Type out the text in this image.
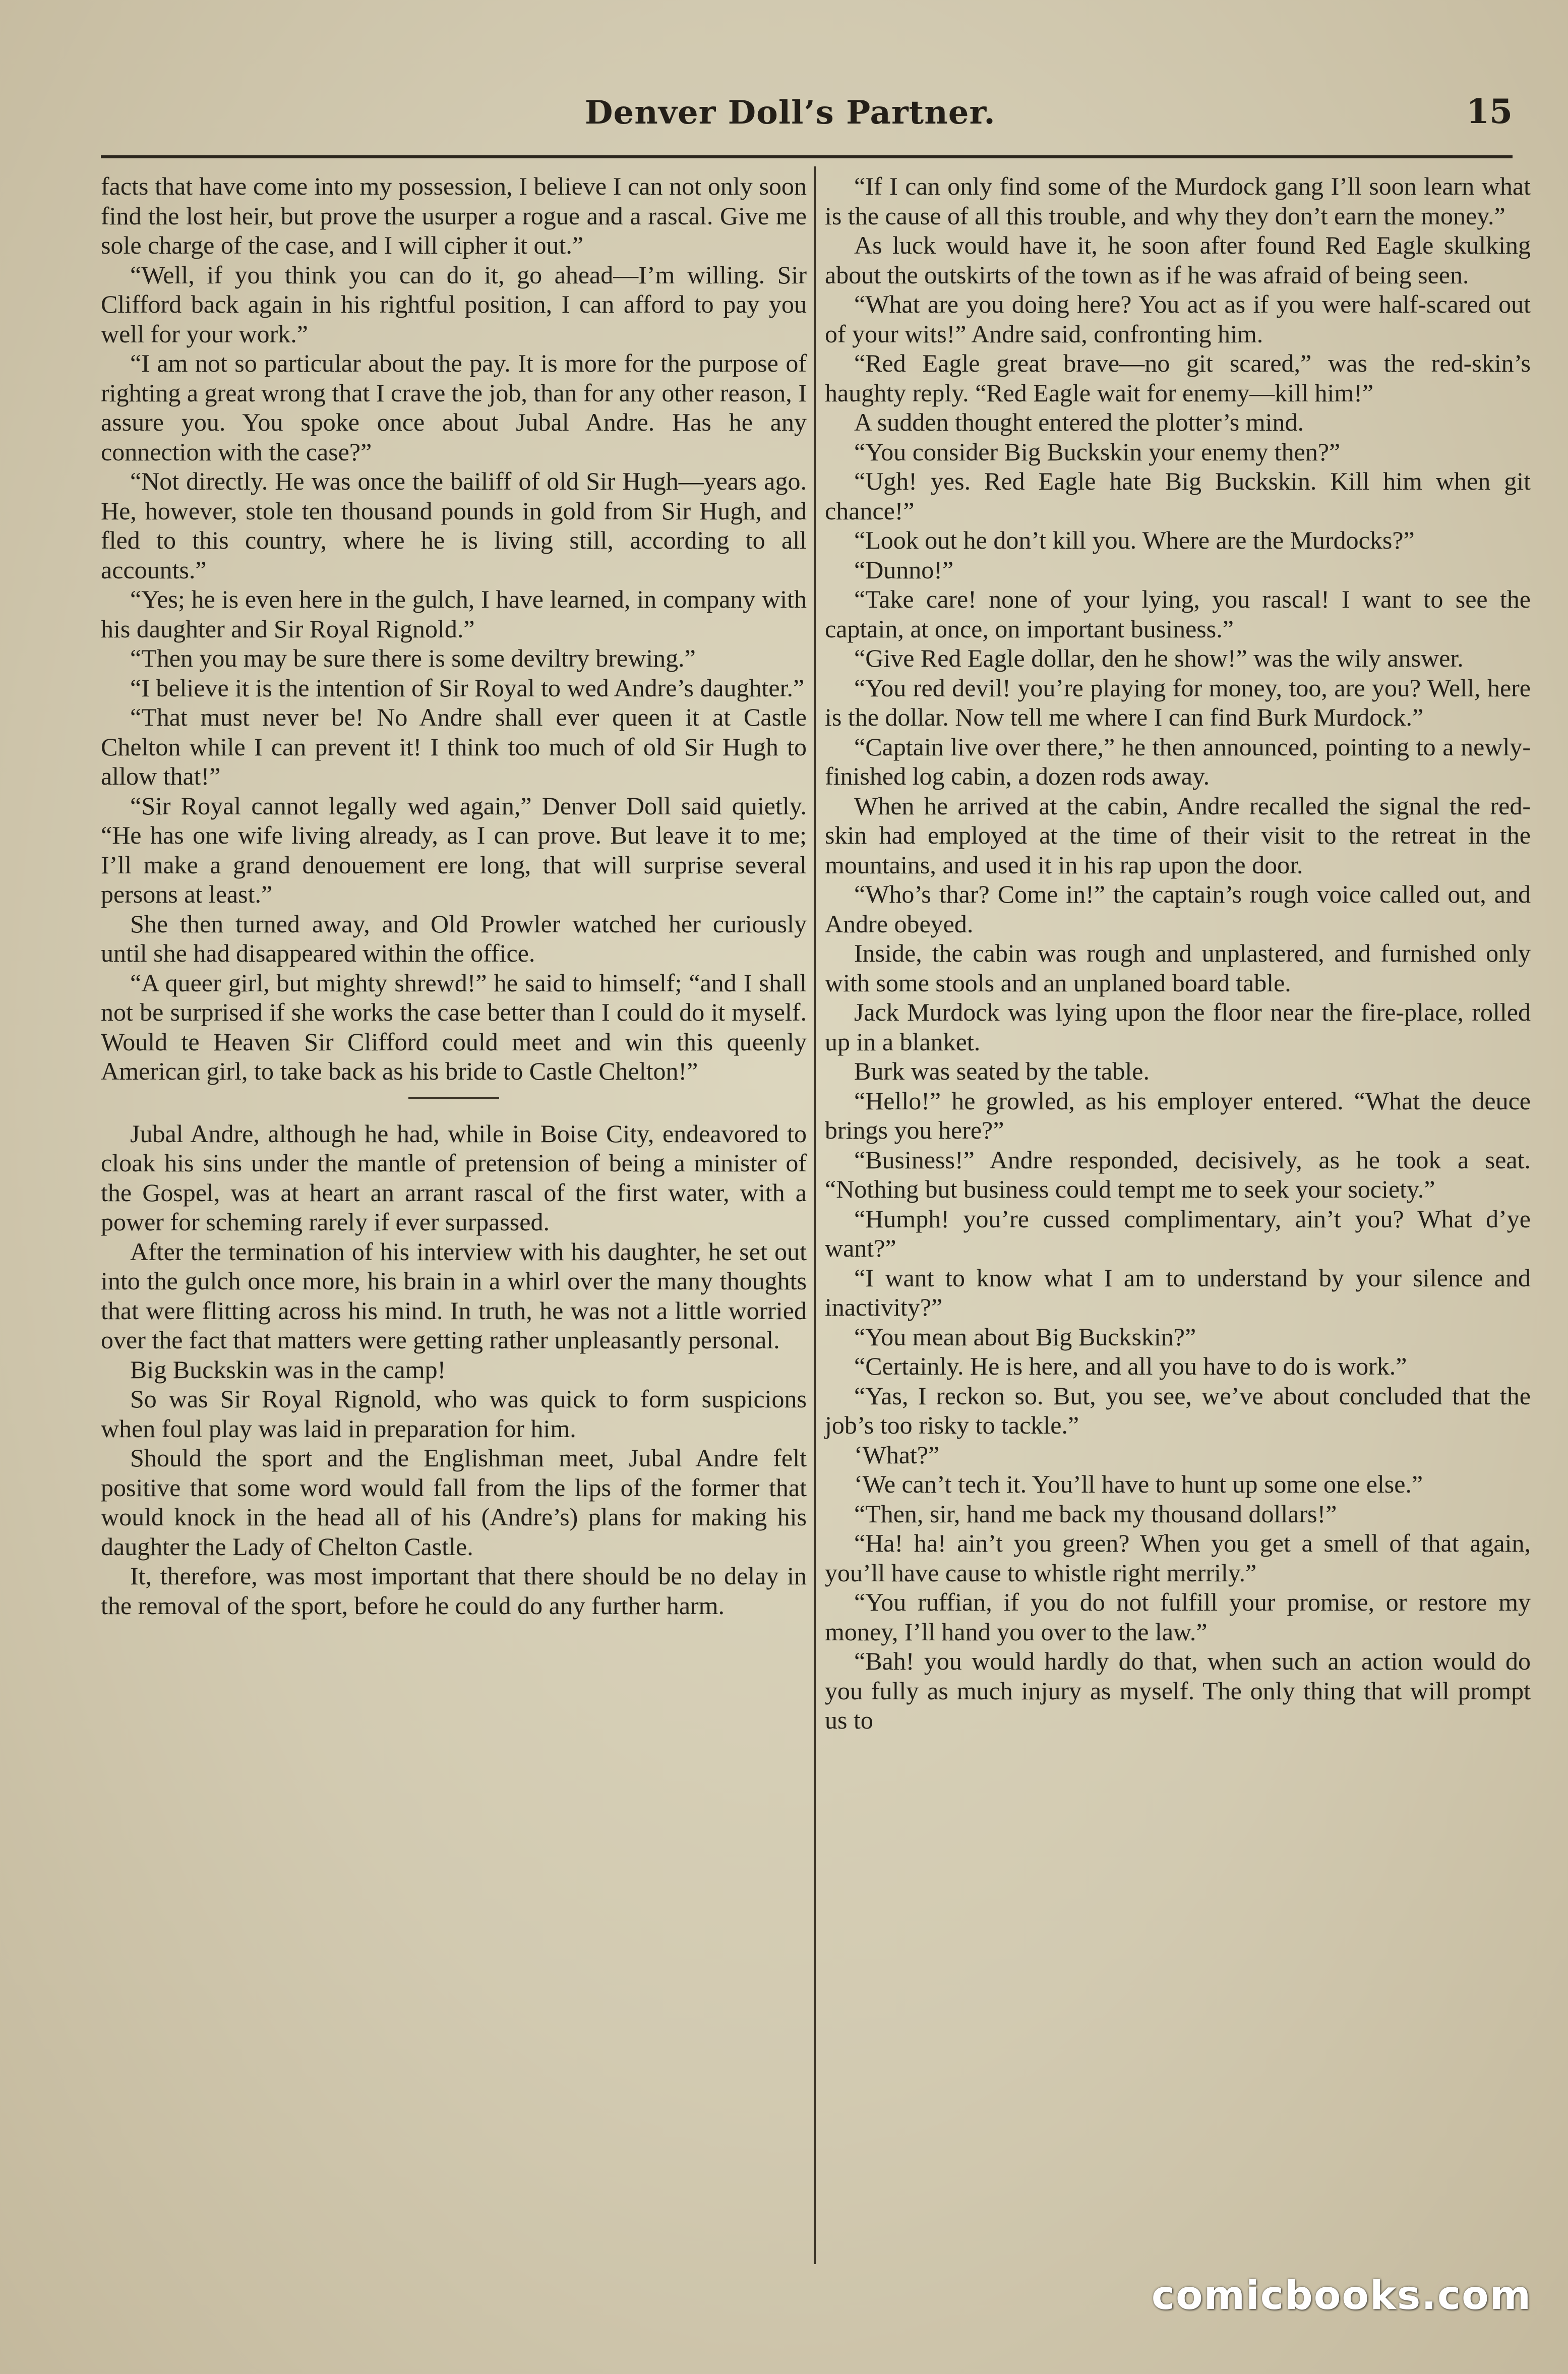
Denver Doll’s Partner.	15

facts that have come into my possession, I believe I can not only soon find the lost heir, but prove the usurper a rogue and a rascal. Give me sole charge of the case, and I will cipher it out.”

“Well, if you think you can do it, go ahead—I’m willing. Sir Clifford back again in his rightful position, I can afford to pay you well for your work.”

“I am not so particular about the pay. It is more for the purpose of righting a great wrong that I crave the job, than for any other reason, I assure you. You spoke once about Jubal Andre. Has he any connection with the case?”

“Not directly. He was once the bailiff of old Sir Hugh—years ago. He, however, stole ten thousand pounds in gold from Sir Hugh, and fled to this country, where he is living still, according to all accounts.”

“Yes; he is even here in the gulch, I have learned, in company with his daughter and Sir Royal Rignold.”

“Then you may be sure there is some deviltry brewing.”

“I believe it is the intention of Sir Royal to wed Andre’s daughter.”

“That must never be! No Andre shall ever queen it at Castle Chelton while I can prevent it! I think too much of old Sir Hugh to allow that!”

“Sir Royal cannot legally wed again,” Denver Doll said quietly. “He has one wife living already, as I can prove. But leave it to me; I’ll make a grand denouement ere long, that will surprise several persons at least.”

She then turned away, and Old Prowler watched her curiously until she had disappeared within the office.

“A queer girl, but mighty shrewd!” he said to himself; “and I shall not be surprised if she works the case better than I could do it myself. Would te Heaven Sir Clifford could meet and win this queenly American girl, to take back as his bride to Castle Chelton!”

Jubal Andre, although he had, while in Boise City, endeavored to cloak his sins under the mantle of pretension of being a minister of the Gospel, was at heart an arrant rascal of the first water, with a power for scheming rarely if ever surpassed.

After the termination of his interview with his daughter, he set out into the gulch once more, his brain in a whirl over the many thoughts that were flitting across his mind. In truth, he was not a little worried over the fact that matters were getting rather unpleasantly personal.

Big Buckskin was in the camp!

So was Sir Royal Rignold, who was quick to form suspicions when foul play was laid in preparation for him.

Should the sport and the Englishman meet, Jubal Andre felt positive that some word would fall from the lips of the former that would knock in the head all of his (Andre’s) plans for making his daughter the Lady of Chelton Castle.

It, therefore, was most important that there should be no delay in the removal of the sport, before he could do any further harm.

“If I can only find some of the Murdock gang I’ll soon learn what is the cause of all this trouble, and why they don’t earn the money.”

As luck would have it, he soon after found Red Eagle skulking about the outskirts of the town as if he was afraid of being seen.

“What are you doing here? You act as if you were half-scared out of your wits!” Andre said, confronting him.

“Red Eagle great brave—no git scared,” was the red-skin’s haughty reply. “Red Eagle wait for enemy—kill him!”

A sudden thought entered the plotter’s mind.

“You consider Big Buckskin your enemy then?”

“Ugh! yes. Red Eagle hate Big Buckskin. Kill him when git chance!”

“Look out he don’t kill you. Where are the Murdocks?”

“Dunno!”

“Take care! none of your lying, you rascal! I want to see the captain, at once, on important business.”

“Give Red Eagle dollar, den he show!” was the wily answer.

“You red devil! you’re playing for money, too, are you? Well, here is the dollar. Now tell me where I can find Burk Murdock.”

“Captain live over there,” he then announced, pointing to a newly-finished log cabin, a dozen rods away.

When he arrived at the cabin, Andre recalled the signal the red-skin had employed at the time of their visit to the retreat in the mountains, and used it in his rap upon the door.

“Who’s thar? Come in!” the captain’s rough voice called out, and Andre obeyed.

Inside, the cabin was rough and unplastered, and furnished only with some stools and an unplaned board table.

Jack Murdock was lying upon the floor near the fire-place, rolled up in a blanket.

Burk was seated by the table.

“Hello!” he growled, as his employer entered. “What the deuce brings you here?”

“Business!” Andre responded, decisively, as he took a seat. “Nothing but business could tempt me to seek your society.”

“Humph! you’re cussed complimentary, ain’t you? What d’ye want?”

“I want to know what I am to understand by your silence and inactivity?”

“You mean about Big Buckskin?”

“Certainly. He is here, and all you have to do is work.”

“Yas, I reckon so. But, you see, we’ve about concluded that the job’s too risky to tackle.”

‘What?”

‘We can’t tech it. You’ll have to hunt up some one else.”

“Then, sir, hand me back my thousand dollars!”

“Ha! ha! ain’t you green? When you get a smell of that again, you’ll have cause to whistle right merrily.”

“You ruffian, if you do not fulfill your promise, or restore my money, I’ll hand you over to the law.”

“Bah! you would hardly do that, when such an action would do you fully as much injury as myself. The only thing that will prompt us to

comicbooks.com
